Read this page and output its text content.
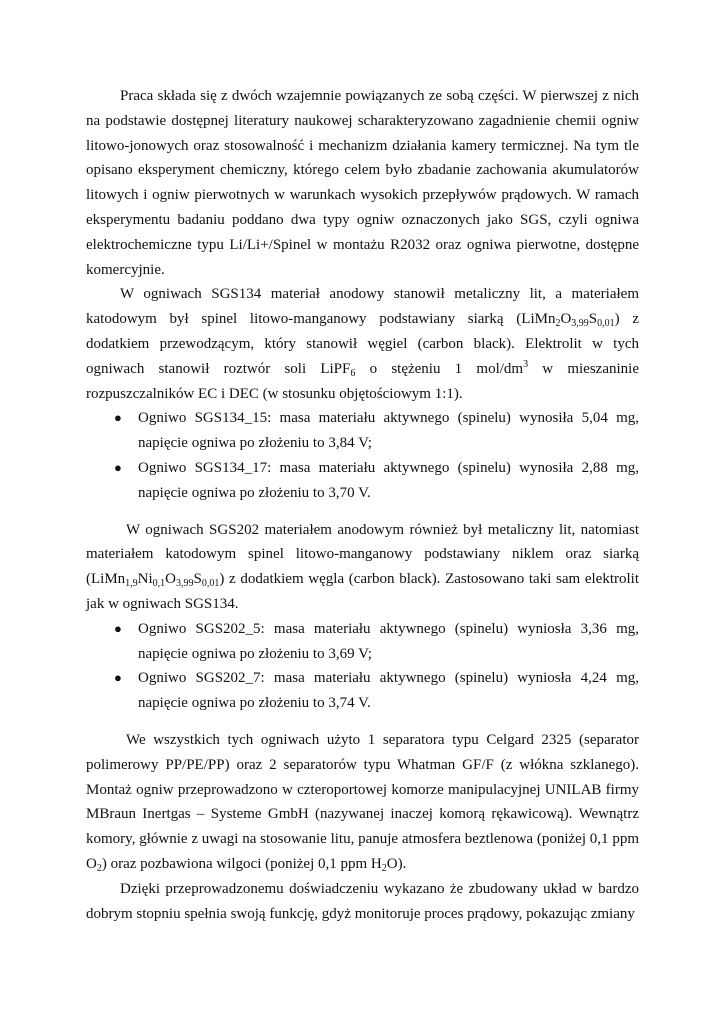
Praca składa się z dwóch wzajemnie powiązanych ze sobą części. W pierwszej z nich na podstawie dostępnej literatury naukowej scharakteryzowano zagadnienie chemii ogniw litowo-jonowych oraz stosowalność i mechanizm działania kamery termicznej. Na tym tle opisano eksperyment chemiczny, którego celem było zbadanie zachowania akumulatorów litowych i ogniw pierwotnych w warunkach wysokich przepływów prądowych. W ramach eksperymentu badaniu poddano dwa typy ogniw oznaczonych jako SGS, czyli ogniwa elektrochemiczne typu Li/Li+/Spinel w montażu R2032 oraz ogniwa pierwotne, dostępne komercyjnie.

W ogniwach SGS134 materiał anodowy stanowił metaliczny lit, a materiałem katodowym był spinel litowo-manganowy podstawiany siarką $(LiMn_2O_{3,99}S_{0,01})$ z dodatkiem przewodzącym, który stanowił węgiel (carbon black). Elektrolit w tych ogniwach stanowił roztwór soli LiPF$_6$ o stężeniu 1 mol/$dm^3$ w mieszaninie rozpuszczalników EC i DEC (w stosunku objętościowym 1:1).

● Ogniwo SGS134_15: masa materiału aktywnego (spinelu) wynosiła 5,04 mg, napięcie ogniwa po złożeniu to 3,84 V;
● Ogniwo SGS134_17: masa materiału aktywnego (spinelu) wynosiła 2,88 mg, napięcie ogniwa po złożeniu to 3,70 V.

W ogniwach SGS202 materiałem anodowym również był metaliczny lit, natomiast materiałem katodowym spinel litowo-manganowy podstawiany niklem oraz siarką $(LiMn_{1,9}Ni_{0,1}O_{3,99}S_{0,01})$ z dodatkiem węgla (carbon black). Zastosowano taki sam elektrolit jak w ogniwach SGS134.

● Ogniwo SGS202_5: masa materiału aktywnego (spinelu) wyniosła 3,36 mg, napięcie ogniwa po złożeniu to 3,69 V;
● Ogniwo SGS202_7: masa materiału aktywnego (spinelu) wyniosła 4,24 mg, napięcie ogniwa po złożeniu to 3,74 V.

We wszystkich tych ogniwach użyto 1 separatora typu Celgard 2325 (separator polimerowy PP/PE/PP) oraz 2 separatorów typu Whatman GF/F (z włókna szklanego). Montaż ogniw przeprowadzono w czteroportowej komorze manipulacyjnej UNILAB firmy MBraun Inertgas – Systeme GmbH (nazywanej inaczej komorą rękawicową). Wewnątrz komory, głównie z uwagi na stosowanie litu, panuje atmosfera beztlenowa (poniżej 0,1 ppm $O_2$) oraz pozbawiona wilgoci (poniżej 0,1 ppm $H_2O$).

Dzięki przeprowadzonemu doświadczeniu wykazano że zbudowany układ w bardzo dobrym stopniu spełnia swoją funkcję, gdyż monitoruje proces prądowy, pokazując zmiany
